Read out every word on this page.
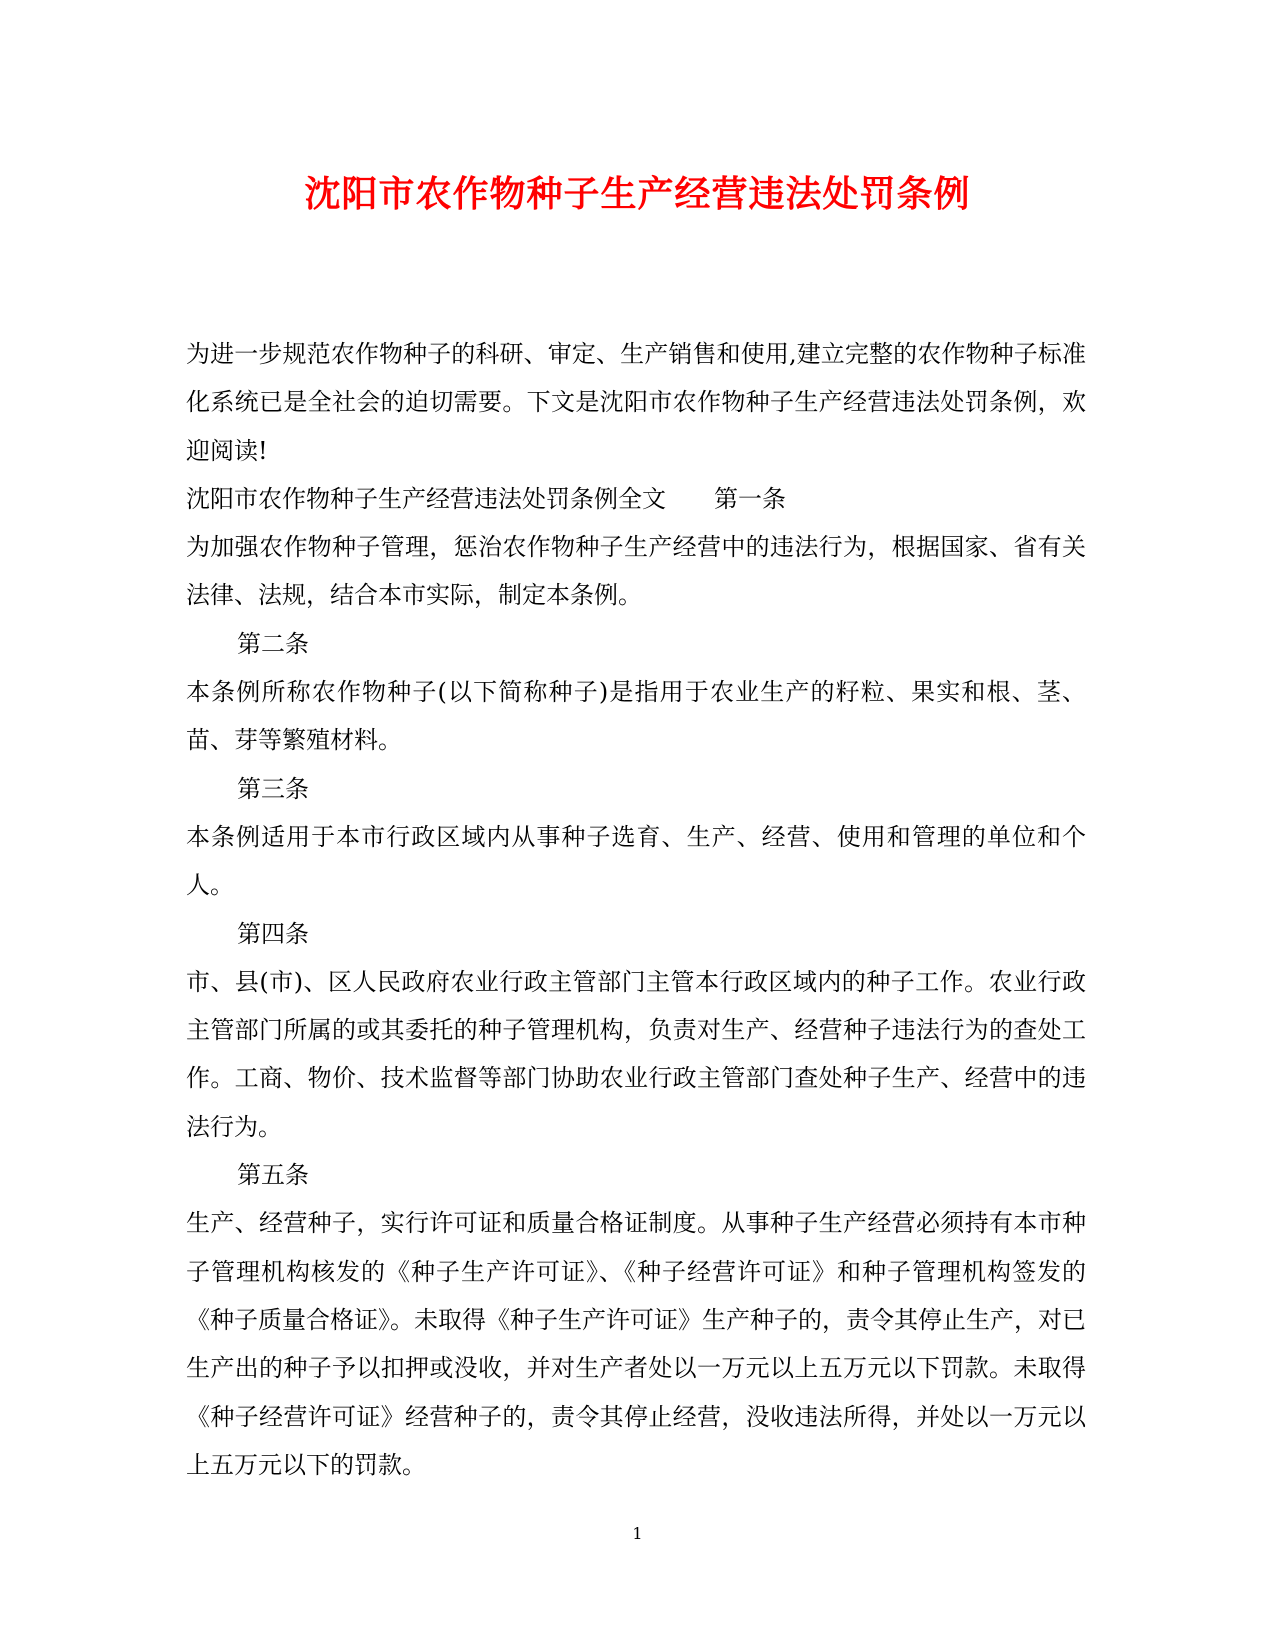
沈阳市农作物种子生产经营违法处罚条例

为进一步规范农作物种子的科研、审定、生产销售和使用,建立完整的农作物种子标准化系统已是全社会的迫切需要。下文是沈阳市农作物种子生产经营违法处罚条例，欢迎阅读!

沈阳市农作物种子生产经营违法处罚条例全文 第一条

为加强农作物种子管理，惩治农作物种子生产经营中的违法行为，根据国家、省有关法律、法规，结合本市实际，制定本条例。

第二条

本条例所称农作物种子(以下简称种子)是指用于农业生产的籽粒、果实和根、茎、苗、芽等繁殖材料。

第三条

本条例适用于本市行政区域内从事种子选育、生产、经营、使用和管理的单位和个人。

第四条

市、县(市)、区人民政府农业行政主管部门主管本行政区域内的种子工作。农业行政主管部门所属的或其委托的种子管理机构，负责对生产、经营种子违法行为的查处工作。工商、物价、技术监督等部门协助农业行政主管部门查处种子生产、经营中的违法行为。

第五条

生产、经营种子，实行许可证和质量合格证制度。从事种子生产经营必须持有本市种子管理机构核发的《种子生产许可证》、《种子经营许可证》和种子管理机构签发的《种子质量合格证》。未取得《种子生产许可证》生产种子的，责令其停止生产，对已生产出的种子予以扣押或没收，并对生产者处以一万元以上五万元以下罚款。未取得《种子经营许可证》经营种子的，责令其停止经营，没收违法所得，并处以一万元以上五万元以下的罚款。

1
